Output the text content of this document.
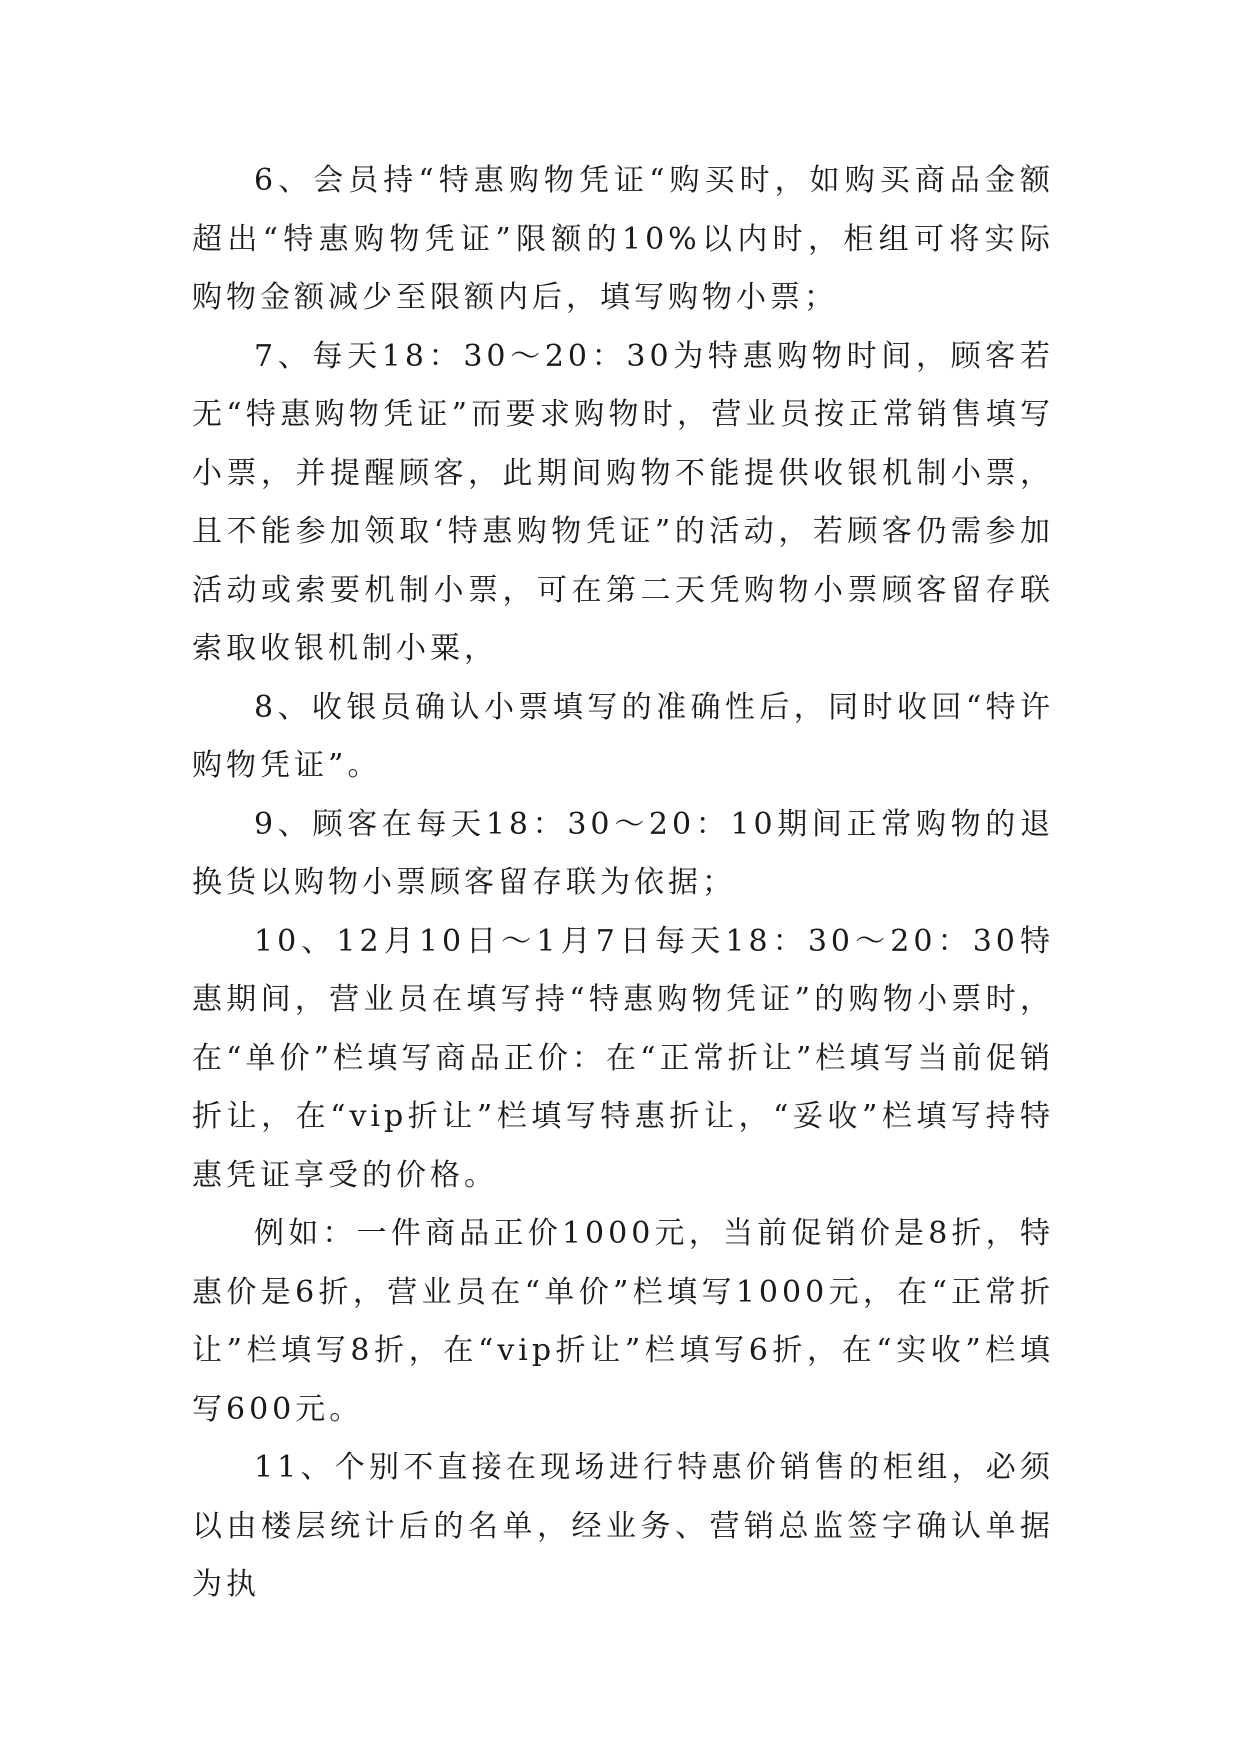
6、会员持“特惠购物凭证“购买时，如购买商品金额超出“特惠购物凭证”限额的10%以内时，柜组可将实际购物金额减少至限额内后，填写购物小票；

7、每天18：30～20：30为特惠购物时间，顾客若无“特惠购物凭证”而要求购物时，营业员按正常销售填写小票，并提醒顾客，此期间购物不能提供收银机制小票，且不能参加领取‘特惠购物凭证”的活动，若顾客仍需参加活动或索要机制小票，可在第二天凭购物小票顾客留存联索取收银机制小粟，

8、收银员确认小票填写的准确性后，同时收回“特许购物凭证”。

9、顾客在每天18：30～20：10期间正常购物的退换货以购物小票顾客留存联为依据；

10、12月10日～1月7日每天18：30～20：30特惠期间，营业员在填写持“特惠购物凭证”的购物小票时，在“单价”栏填写商品正价：在“正常折让”栏填写当前促销折让，在“vip折让”栏填写特惠折让，“妥收”栏填写持特惠凭证享受的价格。

例如：一件商品正价1000元，当前促销价是8折，特惠价是6折，营业员在“单价”栏填写1000元，在“正常折让”栏填写8折，在“vip折让”栏填写6折，在“实收”栏填写600元。

11、个别不直接在现场进行特惠价销售的柜组，必须以由楼层统计后的名单，经业务、营销总监签字确认单据为执
